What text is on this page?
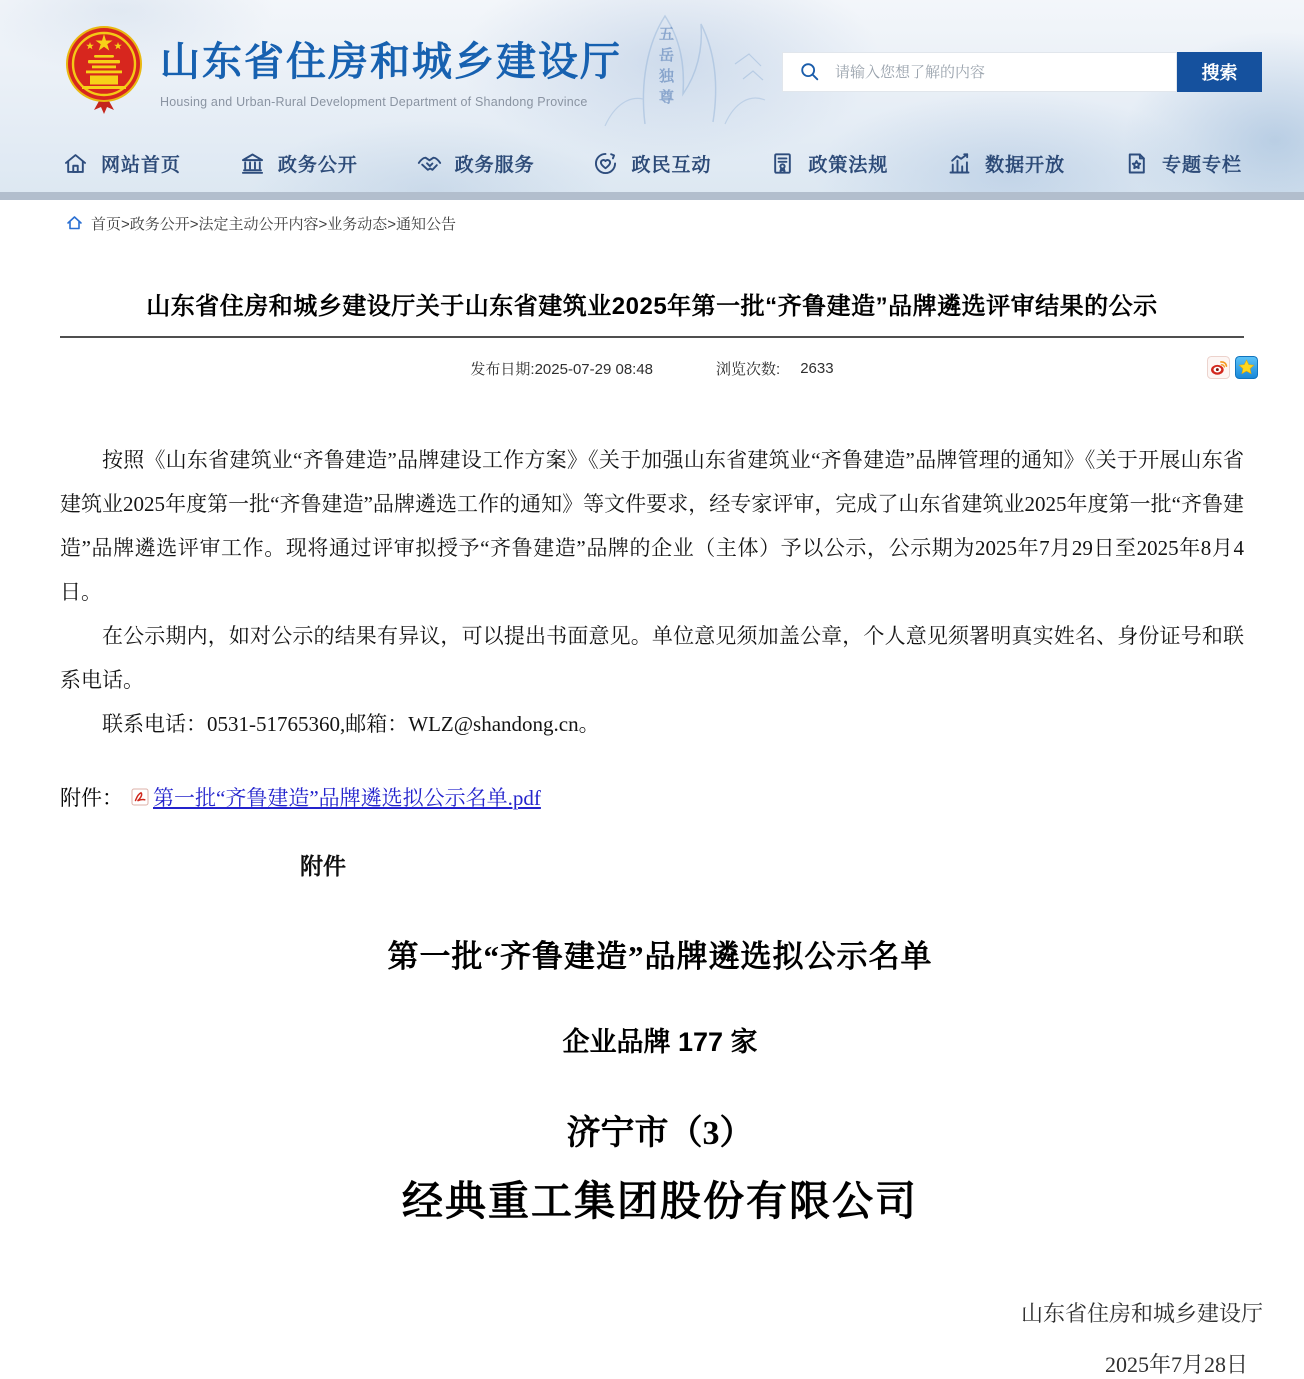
五岳独尊
山东省住房和城乡建设厅
Housing and Urban-Rural Development Department of Shandong Province
请输入您想了解的内容
搜索
网站首页	政务公开	政务服务	政民互动	政策法规	数据开放	专题专栏
首页>政务公开>法定主动公开内容>业务动态>通知公告
山东省住房和城乡建设厅关于山东省建筑业2025年第一批“齐鲁建造”品牌遴选评审结果的公示
发布日期:2025-07-29 08:48	浏览次数: 2633

按照《山东省建筑业“齐鲁建造”品牌建设工作方案》《关于加强山东省建筑业“齐鲁建造”品牌管理的通知》《关于开展山东省建筑业2025年度第一批“齐鲁建造”品牌遴选工作的通知》等文件要求，经专家评审，完成了山东省建筑业2025年度第一批“齐鲁建造”品牌遴选评审工作。现将通过评审拟授予“齐鲁建造”品牌的企业（主体）予以公示，公示期为2025年7月29日至2025年8月4日。

在公示期内，如对公示的结果有异议，可以提出书面意见。单位意见须加盖公章，个人意见须署明真实姓名、身份证号和联系电话。

联系电话：0531-51765360,邮箱：WLZ@shandong.cn。

附件： 第一批“齐鲁建造”品牌遴选拟公示名单.pdf
附件
第一批“齐鲁建造”品牌遴选拟公示名单
企业品牌 177 家
济宁市（3）
经典重工集团股份有限公司
山东省住房和城乡建设厅
2025年7月28日
